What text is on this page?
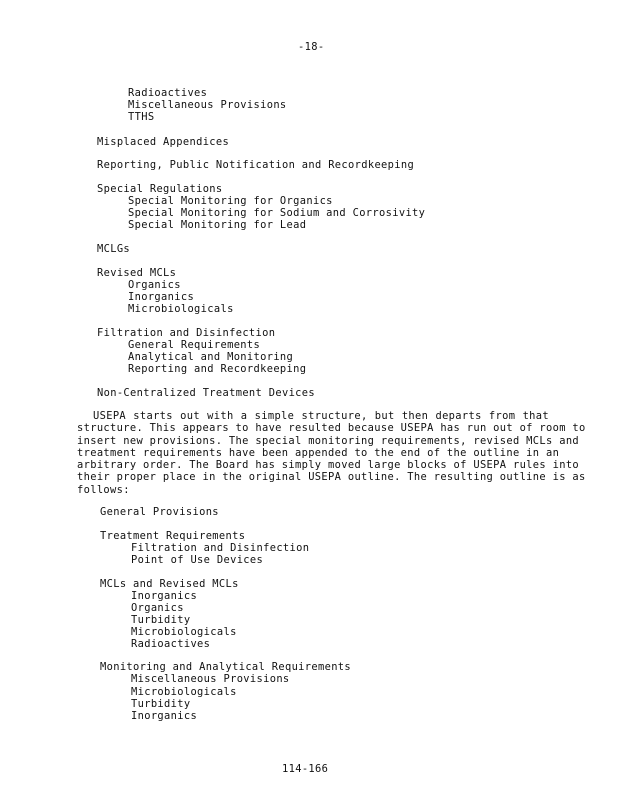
-18-
Radioactives
Miscellaneous Provisions
TTHS
Misplaced Appendices
Reporting, Public Notification and Recordkeeping
Special Regulations
Special Monitoring for Organics
Special Monitoring for Sodium and Corrosivity
Special Monitoring for Lead
MCLGs
Revised MCLs
Organics
Inorganics
Microbiologicals
Filtration and Disinfection
General Requirements
Analytical and Monitoring
Reporting and Recordkeeping
Non-Centralized Treatment Devices
USEPA starts out with a simple structure, but then departs from that
structure. This appears to have resulted because USEPA has run out of room to
insert new provisions. The special monitoring requirements, revised MCLs and
treatment requirements have been appended to the end of the outline in an
arbitrary order. The Board has simply moved large blocks of USEPA rules into
their proper place in the original USEPA outline. The resulting outline is as
follows:
General Provisions
Treatment Requirements
Filtration and Disinfection
Point of Use Devices
MCLs and Revised MCLs
Inorganics
Organics
Turbidity
Microbiologicals
Radioactives
Monitoring and Analytical Requirements
Miscellaneous Provisions
Microbiologicals
Turbidity
Inorganics
114-166
